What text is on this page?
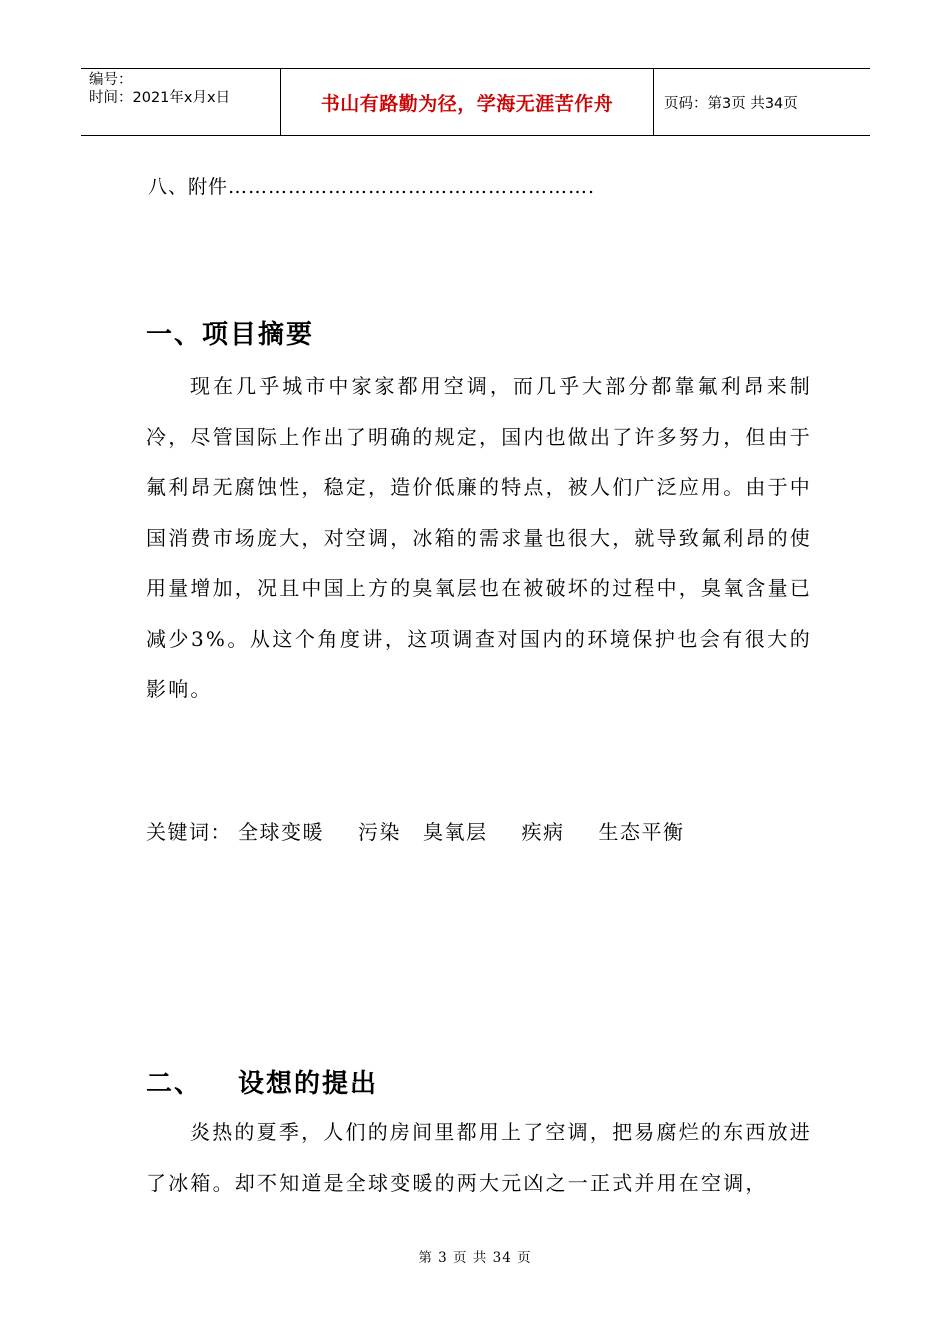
编号：
时间：2021年x月x日	书山有路勤为径，学海无涯苦作舟	页码：第3页 共34页
八、附件……………………………………………….
一、项目摘要

现在几乎城市中家家都用空调，而几乎大部分都靠氟利昂来制冷，尽管国际上作出了明确的规定，国内也做出了许多努力，但由于氟利昂无腐蚀性，稳定，造价低廉的特点，被人们广泛应用。由于中国消费市场庞大，对空调，冰箱的需求量也很大，就导致氟利昂的使用量增加，况且中国上方的臭氧层也在被破坏的过程中，臭氧含量已减少3%。从这个角度讲，这项调查对国内的环境保护也会有很大的影响。

关键词： 全球变暖 污染 臭氧层 疾病 生态平衡
二、 设想的提出

炎热的夏季，人们的房间里都用上了空调，把易腐烂的东西放进了冰箱。却不知道是全球变暖的两大元凶之一正式并用在空调，

第 3 页 共 34 页
